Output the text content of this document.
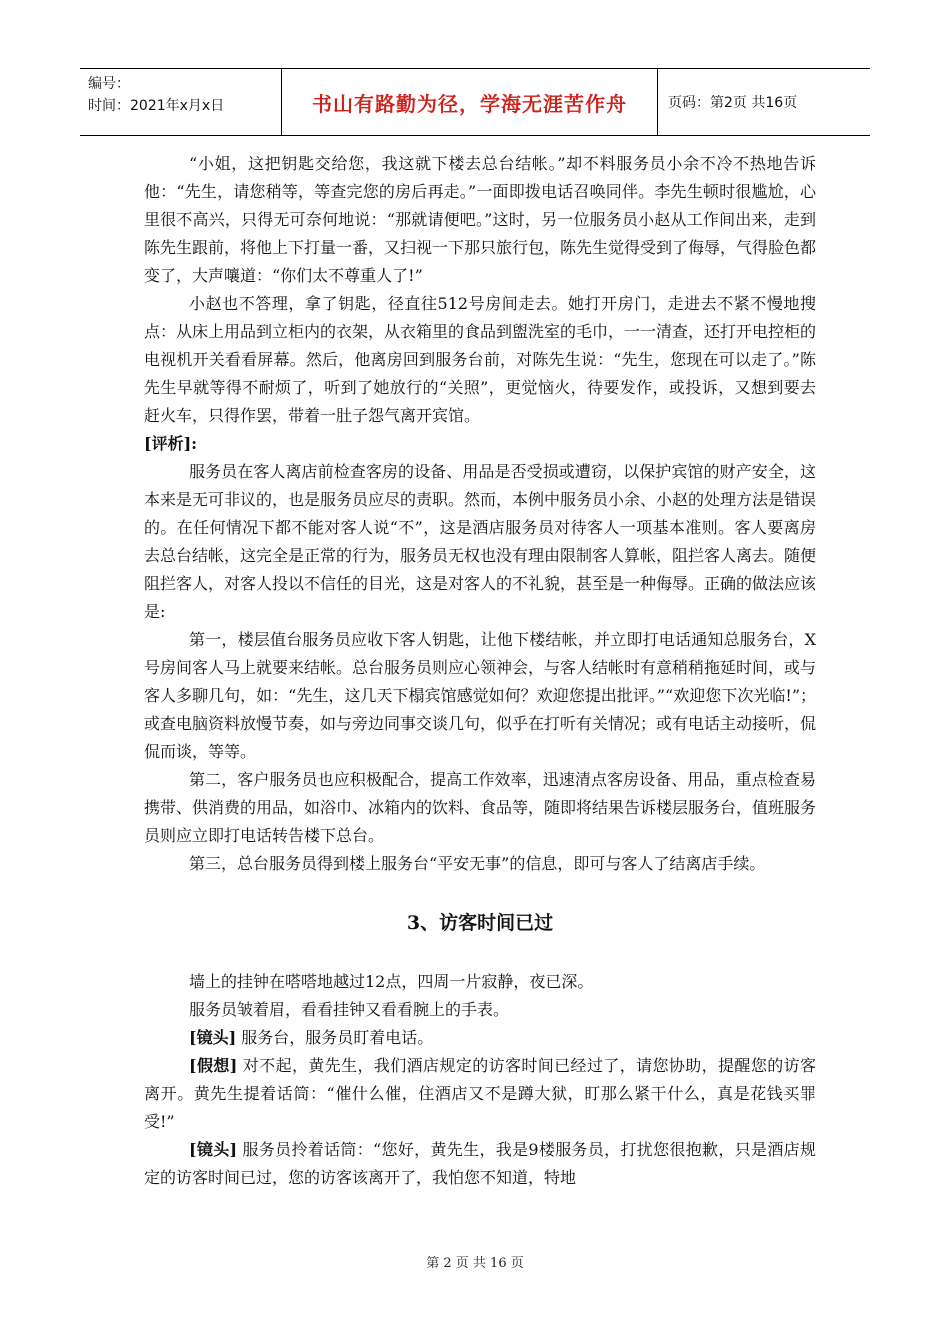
编号：
时间：2021年x月x日	书山有路勤为径，学海无涯苦作舟	页码：第2页 共16页

“小姐，这把钥匙交给您，我这就下楼去总台结帐。”却不料服务员小余不冷不热地告诉他：“先生，请您稍等，等查完您的房后再走。”一面即拨电话召唤同伴。李先生顿时很尴尬，心里很不高兴，只得无可奈何地说：“那就请便吧。”这时，另一位服务员小赵从工作间出来，走到陈先生跟前，将他上下打量一番，又扫视一下那只旅行包，陈先生觉得受到了侮辱，气得脸色都变了，大声嚷道：“你们太不尊重人了!”

小赵也不答理，拿了钥匙，径直往512号房间走去。她打开房门，走进去不紧不慢地搜点：从床上用品到立柜内的衣架，从衣箱里的食品到盥洗室的毛巾，一一清查，还打开电控柜的电视机开关看看屏幕。然后，他离房回到服务台前，对陈先生说：“先生，您现在可以走了。”陈先生早就等得不耐烦了，听到了她放行的“关照”，更觉恼火，待要发作，或投诉，又想到要去赶火车，只得作罢，带着一肚子怨气离开宾馆。

[评析]:

服务员在客人离店前检查客房的设备、用品是否受损或遭窃，以保护宾馆的财产安全，这本来是无可非议的，也是服务员应尽的责职。然而，本例中服务员小余、小赵的处理方法是错误的。在任何情况下都不能对客人说“不”，这是酒店服务员对待客人一项基本准则。客人要离房去总台结帐，这完全是正常的行为，服务员无权也没有理由限制客人算帐，阻拦客人离去。随便阻拦客人，对客人投以不信任的目光，这是对客人的不礼貌，甚至是一种侮辱。正确的做法应该是:

第一，楼层值台服务员应收下客人钥匙，让他下楼结帐，并立即打电话通知总服务台，X号房间客人马上就要来结帐。总台服务员则应心领神会，与客人结帐时有意稍稍拖延时间，或与客人多聊几句，如：“先生，这几天下榻宾馆感觉如何？欢迎您提出批评。”“欢迎您下次光临!”；或查电脑资料放慢节奏，如与旁边同事交谈几句，似乎在打听有关情况；或有电话主动接听，侃侃而谈，等等。

第二，客户服务员也应积极配合，提高工作效率，迅速清点客房设备、用品，重点检查易携带、供消费的用品，如浴巾、冰箱内的饮料、食品等，随即将结果告诉楼层服务台，值班服务员则应立即打电话转告楼下总台。

第三，总台服务员得到楼上服务台“平安无事”的信息，即可与客人了结离店手续。

3、访客时间已过

墙上的挂钟在嗒嗒地越过12点，四周一片寂静，夜已深。

服务员皱着眉，看看挂钟又看看腕上的手表。

[镜头] 服务台，服务员盯着电话。

[假想] 对不起，黄先生，我们酒店规定的访客时间已经过了，请您协助，提醒您的访客离开。黄先生提着话筒：“催什么催，住酒店又不是蹲大狱，盯那么紧干什么，真是花钱买罪受!”

[镜头] 服务员拎着话筒：“您好，黄先生，我是9楼服务员，打扰您很抱歉，只是酒店规定的访客时间已过，您的访客该离开了，我怕您不知道，特地

第 2 页 共 16 页
